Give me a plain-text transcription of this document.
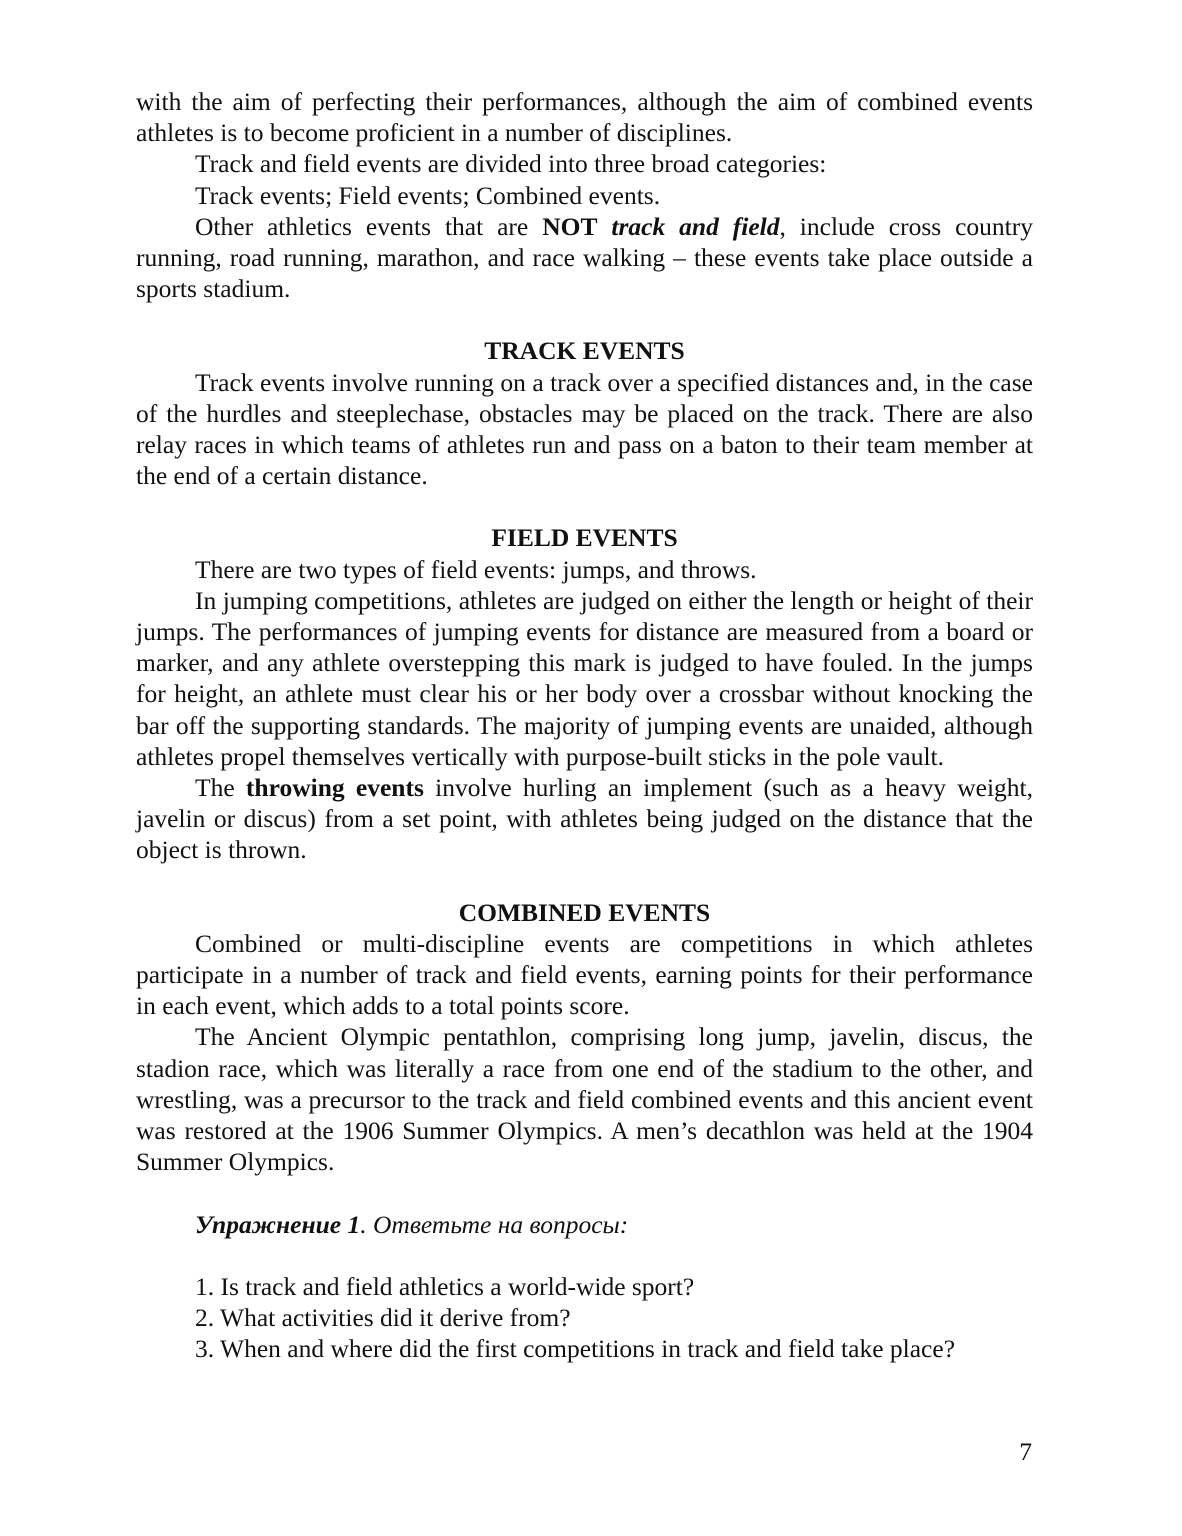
with the aim of perfecting their performances, although the aim of combined events athletes is to become proficient in a number of disciplines.

Track and field events are divided into three broad categories:

Track events; Field events; Combined events.

Other athletics events that are NOT track and field, include cross country running, road running, marathon, and race walking – these events take place outside a sports stadium.

TRACK EVENTS

Track events involve running on a track over a specified distances and, in the case of the hurdles and steeplechase, obstacles may be placed on the track. There are also relay races in which teams of athletes run and pass on a baton to their team member at the end of a certain distance.

FIELD EVENTS

There are two types of field events: jumps, and throws.

In jumping competitions, athletes are judged on either the length or height of their jumps. The performances of jumping events for distance are measured from a board or marker, and any athlete overstepping this mark is judged to have fouled. In the jumps for height, an athlete must clear his or her body over a crossbar without knocking the bar off the supporting standards. The majority of jumping events are unaided, although athletes propel themselves vertically with purpose-built sticks in the pole vault.

The throwing events involve hurling an implement (such as a heavy weight, javelin or discus) from a set point, with athletes being judged on the distance that the object is thrown.

COMBINED EVENTS

Combined or multi-discipline events are competitions in which athletes participate in a number of track and field events, earning points for their performance in each event, which adds to a total points score.

The Ancient Olympic pentathlon, comprising long jump, javelin, discus, the stadion race, which was literally a race from one end of the stadium to the other, and wrestling, was a precursor to the track and field combined events and this ancient event was restored at the 1906 Summer Olympics. A men’s decathlon was held at the 1904 Summer Olympics.

Упражнение 1. Ответьте на вопросы:

1. Is track and field athletics a world-wide sport?

2. What activities did it derive from?

3. When and where did the first competitions in track and field take place?

7
